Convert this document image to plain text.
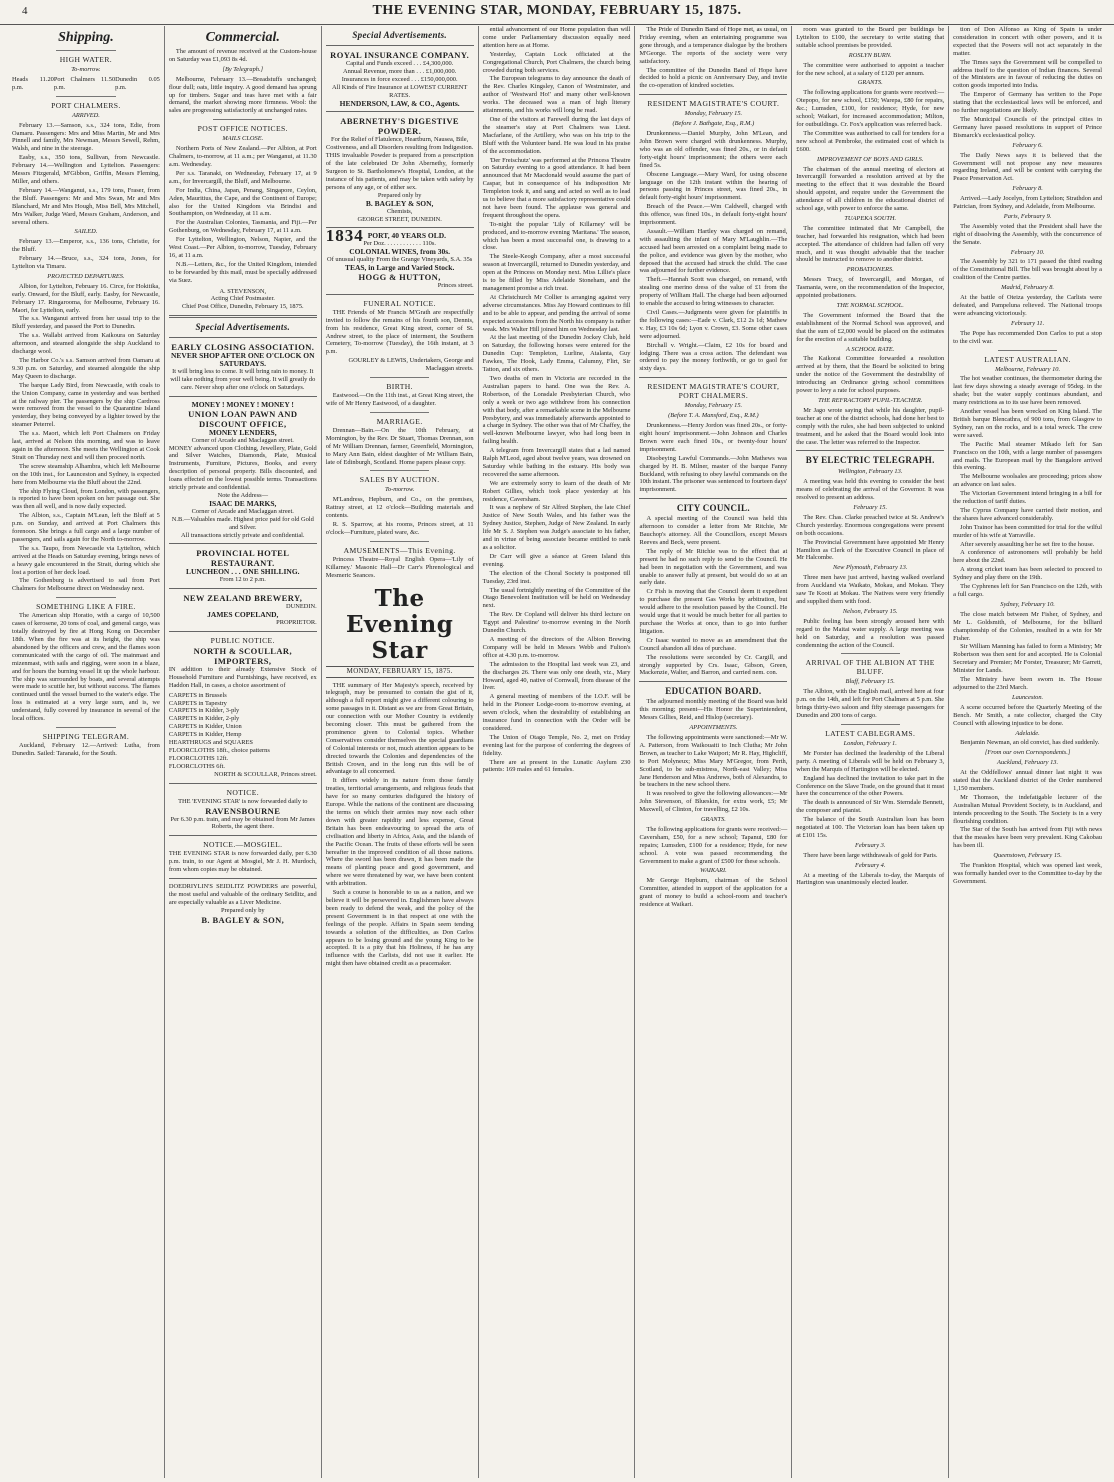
4	THE EVENING STAR, MONDAY, FEBRUARY 15, 1875.
Shipping.
HIGH WATER.
To-morrow.
Heads 11.20 p.m.
Port Chalmers 11.50 p.m.
Dunedin 0.05 p.m.
PORT CHALMERS.
ARRIVED.

February 13.—Samson, s.s., 324 tons, Edie, from Oamaru. Passengers: Mrs and Miss Martin, Mr and Mrs Pinnell and family, Mrs Newman, Messrs Sewell, Rehm, Walsh, and nine in the steerage.

Easby, s.s., 350 tons, Sullivan, from Newcastle. February 14.—Wellington and Lyttelton. Passengers: Messrs Fitzgerald, M'Gibbon, Griffin, Messrs Fleming, Miller, and others.

February 14.—Wanganui, s.s., 179 tons, Fraser, from the Bluff. Passengers: Mr and Mrs Swan, Mr and Mrs Blanchard, Mr and Mrs Hough, Miss Bell, Mrs Mitchell, Mrs Walker, Judge Ward, Messrs Graham, Anderson, and several others.

SAILED.

February 13.—Emperor, s.s., 136 tons, Christie, for the Bluff.

February 14.—Bruce, s.s., 324 tons, Jones, for Lyttelton via Timaru.

PROJECTED DEPARTURES.

Albion, for Lyttelton, February 16. Circe, for Hokitika, early. Onward, for the Bluff, early. Easby, for Newcastle, February 17. Ringarooma, for Melbourne, February 16. Maori, for Lyttelton, early.

The s.s. Wanganui arrived from her usual trip to the Bluff yesterday, and passed the Port to Dunedin.

The s.s. Wallabi arrived from Kaikoura on Saturday afternoon, and steamed alongside the ship Auckland to discharge wool.

The Harbor Co.'s s.s. Samson arrived from Oamaru at 9.30 p.m. on Saturday, and steamed alongside the ship May Queen to discharge.

The barque Lady Bird, from Newcastle, with coals to the Union Company, came in yesterday and was berthed at the railway pier. The passengers by the ship Cardross were removed from the vessel to the Quarantine Island yesterday, they being conveyed by a lighter towed by the steamer Peterrel.

The s.s. Maori, which left Port Chalmers on Friday last, arrived at Nelson this morning, and was to leave again in the afternoon. She meets the Wellington at Cook Strait on Thursday next and will then proceed north.

The screw steamship Alhambra, which left Melbourne on the 10th inst., for Launceston and Sydney, is expected here from Melbourne via the Bluff about the 22nd.

The ship Flying Cloud, from London, with passengers, is reported to have been spoken on her passage out. She was then all well, and is now daily expected.

The Albion, s.s., Captain M'Lean, left the Bluff at 5 p.m. on Sunday, and arrived at Port Chalmers this forenoon. She brings a full cargo and a large number of passengers, and sails again for the North to-morrow.

The s.s. Taupo, from Newcastle via Lyttelton, which arrived at the Heads on Saturday evening, brings news of a heavy gale encountered in the Strait, during which she lost a portion of her deck load.

The Gothenburg is advertised to sail from Port Chalmers for Melbourne direct on Wednesday next.

SOMETHING LIKE A FIRE.

The American ship Horatio, with a cargo of 10,500 cases of kerosene, 20 tons of coal, and general cargo, was totally destroyed by fire at Hong Kong on December 18th. When the fire was at its height, the ship was abandoned by the officers and crew, and the flames soon communicated with the cargo of oil. The mainmast and mizenmast, with sails and rigging, were soon in a blaze, and for hours the burning vessel lit up the whole harbour. The ship was surrounded by boats, and several attempts were made to scuttle her, but without success. The flames continued until the vessel burned to the water's edge. The loss is estimated at a very large sum, and is, we understand, fully covered by insurance in several of the local offices.

SHIPPING TELEGRAM.

Auckland, February 12.—Arrived: Lutha, from Dunedin. Sailed: Taranaki, for the South.

Commercial.

The amount of revenue received at the Custom-house on Saturday was £1,093 8s 4d.

[By Telegraph.]

Melbourne, February 13.—Breadstuffs unchanged; flour dull; oats, little inquiry. A good demand has sprung up for timbers. Sugar and teas have met with a fair demand, the market showing more firmness. Wool: the sales are progressing satisfactorily at unchanged rates.

POST OFFICE NOTICES.
MAILS CLOSE.

Northern Ports of New Zealand.—Per Albion, at Port Chalmers, to-morrow, at 11 a.m.; per Wanganui, at 11.30 a.m. Wednesday.

Per s.s. Taranaki, on Wednesday, February 17, at 9 a.m., for Invercargill, the Bluff, and Melbourne.

For India, China, Japan, Penang, Singapore, Ceylon, Aden, Mauritius, the Cape, and the Continent of Europe; also for the United Kingdom via Brindisi and Southampton, on Wednesday, at 11 a.m.

For the Australian Colonies, Tasmania, and Fiji.—Per Gothenburg, on Wednesday, February 17, at 11 a.m.

For Lyttelton, Wellington, Nelson, Napier, and the West Coast.—Per Albion, to-morrow, Tuesday, February 16, at 11 a.m.

N.B.—Letters, &c., for the United Kingdom, intended to be forwarded by this mail, must be specially addressed via Suez.

A. STEVENSON,
Acting Chief Postmaster.
Chief Post Office, Dunedin, February 15, 1875.
Special Advertisements.
EARLY CLOSING ASSOCIATION.
NEVER SHOP AFTER ONE O'CLOCK ON SATURDAYS.
It will bring less to come. It will bring rain to money. It will take nothing from your well being. It will greatly do care. Never shop after one o'clock on Saturdays.
MONEY ! MONEY ! MONEY !
UNION LOAN PAWN AND DISCOUNT OFFICE,
MONEY LENDERS,
Corner of Arcade and Maclaggan street.
MONEY advanced upon Clothing, Jewellery, Plate, Gold and Silver Watches, Diamonds, Plate, Musical Instruments, Furniture, Pictures, Books, and every description of personal property. Bills discounted, and loans effected on the lowest possible terms. Transactions strictly private and confidential.
Note the Address—
ISAAC DE MARKS,
Corner of Arcade and Maclaggan street.
N.B.—Valuables made. Highest price paid for old Gold and Silver.
All transactions strictly private and confidential.
PROVINCIAL HOTEL RESTAURANT.
LUNCHEON . . . ONE SHILLING.
From 12 to 2 p.m.
NEW ZEALAND BREWERY,
DUNEDIN.
JAMES COPELAND,
PROPRIETOR.
PUBLIC NOTICE.
NORTH & SCOULLAR, IMPORTERS,
IN addition to their already Extensive Stock of Household Furniture and Furnishings, have received, ex Haddon Hall, in cases, a choice assortment of
CARPETS in Brussels
CARPETS in Tapestry
CARPETS in Kidder, 3-ply
CARPETS in Kidder, 2-ply
CARPETS in Kidder, Union
CARPETS in Kidder, Hemp
HEARTHRUGS and SQUARES
FLOORCLOTHS 18ft., choice patterns
FLOORCLOTHS 12ft.
FLOORCLOTHS 6ft.
NORTH & SCOULLAR, Princes street.
NOTICE.
THE 'EVENING STAR' is now forwarded daily to
RAVENSBOURNE
Per 6.30 p.m. train, and may be obtained from Mr James Roberts, the agent there.
NOTICE.—MOSGIEL.
THE EVENING STAR is now forwarded daily, per 6.30 p.m. train, to our Agent at Mosgiel, Mr J. H. Murdoch, from whom copies may be obtained.
DOEDRIYLIN'S SEIDLITZ POWDERS are powerful, the most useful and valuable of the ordinary Seidlitz, and are especially valuable as a Liver Medicine.
Prepared only by
B. BAGLEY & SON,
Special Advertisements.
ROYAL INSURANCE COMPANY.
Capital and Funds exceed . . . £4,300,000.
Annual Revenue, more than . . . £1,000,000.
Insurances in force exceed . . . £150,000,000.
All Kinds of Fire Insurance at LOWEST CURRENT RATES.
HENDERSON, LAW, & CO., Agents.
ABERNETHY'S DIGESTIVE POWDER.
For the Relief of Flatulence, Heartburn, Nausea, Bile, Costiveness, and all Disorders resulting from Indigestion.
THIS invaluable Powder is prepared from a prescription of the late celebrated Dr John Abernethy, formerly Surgeon to St. Bartholomew's Hospital, London, at the instance of his patients, and may be taken with safety by persons of any age, or of either sex.
Prepared only by
B. BAGLEY & SON,
Chemists,
GEORGE STREET, DUNEDIN.
1834 PORT, 40 YEARS OLD.
Per Doz. . . . . . . . . . . . 110s.
COLONIAL WINES, from 30s.
Of unusual quality From the Grange Vineyards, S.A. 35s
TEAS, in Large and Varied Stock.
HOGG & HUTTON,
Princes street.
FUNERAL NOTICE.

THE Friends of Mr Francis M'Grath are respectfully invited to follow the remains of his fourth son, Dennis, from his residence, Great King street, corner of St. Andrew street, to the place of interment, the Southern Cemetery, To-morrow (Tuesday), the 16th instant, at 3 p.m.

GOURLEY & LEWIS, Undertakers, George and Maclaggan streets.

BIRTH.

Eastwood.—On the 11th inst., at Great King street, the wife of Mr Henry Eastwood, of a daughter.

MARRIAGE.

Drennan—Bain.—On the 10th February, at Mornington, by the Rev. Dr Stuart, Thomas Drennan, son of Mr William Drennan, farmer, Greenfield, Mornington, to Mary Ann Bain, eldest daughter of Mr William Bain, late of Edinburgh, Scotland. Home papers please copy.

SALES BY AUCTION.
To-morrow.

M'Landress, Hepburn, and Co., on the premises, Rattray street, at 12 o'clock—Building materials and contents.

R. S. Sparrow, at his rooms, Princes street, at 11 o'clock—Furniture, plated ware, &c.

AMUSEMENTS—This Evening.

Princess Theatre—Royal English Opera—'Lily of Killarney.' Masonic Hall—Dr Carr's Phrenological and Mesmeric Seances.

The Evening Star
MONDAY, FEBRUARY 15, 1875.

THE summary of Her Majesty's speech, received by telegraph, may be presumed to contain the gist of it, although a full report might give a different colouring to some passages in it. Distant as we are from Great Britain, our connection with our Mother Country is evidently becoming closer. This must be gathered from the prominence given to Colonial topics. Whether Conservatives consider themselves the special guardians of Colonial interests or not, much attention appears to be directed towards the Colonies and dependencies of the British Crown, and in the long run this will be of advantage to all concerned.

It differs widely in its nature from those family treaties, territorial arrangements, and religious feuds that have for so many centuries disfigured the history of Europe. While the nations of the continent are discussing the terms on which their armies may now each other down with greater rapidity and less expense, Great Britain has been endeavouring to spread the arts of civilisation and liberty in Africa, Asia, and the islands of the Pacific Ocean. The fruits of these efforts will be seen hereafter in the improved condition of all those nations. Where the sword has been drawn, it has been made the means of planting peace and good government, and where we were threatened by war, we have been content with arbitration.

Such a course is honorable to us as a nation, and we believe it will be persevered in. Englishmen have always been ready to defend the weak, and the policy of the present Government is in that respect at one with the feelings of the people. Affairs in Spain seem tending towards a solution of the difficulties, as Don Carlos appears to be losing ground and the young King to be accepted. It is a pity that his Holiness, if he has any influence with the Carlists, did not use it earlier. He might then have obtained credit as a peacemaker.

ential advancement of our Home population than will come under Parliamentary discussion equally need attention here as at Home.

Yesterday, Captain Lock officiated at the Congregational Church, Port Chalmers, the church being crowded during both services.

The European telegrams to day announce the death of the Rev. Charles Kingsley, Canon of Westminster, and author of 'Westward Ho!' and many other well-known works. The deceased was a man of high literary attainments, and his works will long be read.

One of the visitors at Farewell during the last days of the steamer's stay at Port Chalmers was Lieut. Macfarlane, of the Artillery, who was on his trip to the Bluff with the Volunteer band. He was loud in his praise of the accommodation.

'Der Freischutz' was performed at the Princess Theatre on Saturday evening to a good attendance. It had been announced that Mr Macdonald would assume the part of Caspar, but in consequence of his indisposition Mr Templeton took it, and sang and acted so well as to lead us to believe that a more satisfactory representative could not have been found. The applause was general and frequent throughout the opera.

To-night the popular 'Lily of Killarney' will be produced, and to-morrow evening 'Maritana.' The season, which has been a most successful one, is drawing to a close.

The Steele-Keogh Company, after a most successful season at Invercargill, returned to Dunedin yesterday, and open at the Princess on Monday next. Miss Lillie's place is to be filled by Miss Adelaide Stoneham, and the management promise a rich treat.

At Christchurch Mr Collier is arranging against very adverse circumstances. Miss Jay Howard continues to fill and to be able to appear, and pending the arrival of some expected accessions from the North his company is rather weak. Mrs Walter Hill joined him on Wednesday last.

At the last meeting of the Dunedin Jockey Club, held on Saturday, the following horses were entered for the Dunedin Cup: Templeton, Lurline, Atalanta, Guy Fawkes, The Hook, Lady Emma, Calumny, Flirt, Sir Tatton, and six others.

Two deaths of men in Victoria are recorded in the Australian papers to hand. One was the Rev. A. Robertson, of the Lonsdale Presbyterian Church, who only a week or two ago withdrew from his connection with that body, after a remarkable scene in the Melbourne Presbytery, and was immediately afterwards appointed to a charge in Sydney. The other was that of Mr Chaffey, the well-known Melbourne lawyer, who had long been in failing health.

A telegram from Invercargill states that a lad named Ralph M'Leod, aged about twelve years, was drowned on Saturday while bathing in the estuary. His body was recovered the same afternoon.

We are extremely sorry to learn of the death of Mr Robert Gillies, which took place yesterday at his residence, Caversham.

It was a nephew of Sir Alfred Stephen, the late Chief Justice of New South Wales, and his father was the Sydney Justice, Stephen, Judge of New Zealand. In early life Mr S. J. Stephen was Judge's associate to his father, and in virtue of being associate became entitled to rank as a solicitor.

Dr Carr will give a séance at Green Island this evening.

The election of the Choral Society is postponed till Tuesday, 23rd inst.

The usual fortnightly meeting of the Committee of the Otago Benevolent Institution will be held on Wednesday next.

The Rev. Dr Copland will deliver his third lecture on 'Egypt and Palestine' to-morrow evening in the North Dunedin Church.

A meeting of the directors of the Albion Brewing Company will be held in Messrs Webb and Fulton's office at 4.30 p.m. to-morrow.

The admission to the Hospital last week was 23, and the discharges 26. There was only one death, viz., Mary Howard, aged 40, native of Cornwall, from disease of the liver.

A general meeting of members of the I.O.F. will be held in the Pioneer Lodge-room to-morrow evening, at seven o'clock, when the desirability of establishing an insurance fund in connection with the Order will be considered.

The Union of Otago Temple, No. 2, met on Friday evening last for the purpose of conferring the degrees of fidelity.

There are at present in the Lunatic Asylum 230 patients: 169 males and 61 females.

The Pride of Dunedin Band of Hope met, as usual, on Friday evening, when an entertaining programme was gone through, and a temperance dialogue by the brothers M'George. The reports of the society were very satisfactory.

The committee of the Dunedin Band of Hope have decided to hold a picnic on Anniversary Day, and invite the co-operation of kindred societies.

RESIDENT MAGISTRATE'S COURT.
Monday, February 15.
(Before J. Bathgate, Esq., R.M.)

Drunkenness.—Daniel Murphy, John M'Lean, and John Brown were charged with drunkenness. Murphy, who was an old offender, was fined 20s., or in default forty-eight hours' imprisonment; the others were each fined 5s.

Obscene Language.—Mary Ward, for using obscene language on the 12th instant within the hearing of persons passing in Princes street, was fined 20s., in default forty-eight hours' imprisonment.

Breach of the Peace.—Wm Caldwell, charged with this offence, was fined 10s., in default forty-eight hours' imprisonment.

Assault.—William Hartley was charged on remand, with assaulting the infant of Mary M'Laughlin.—The accused had been arrested on a complaint being made to the police, and evidence was given by the mother, who deposed that the accused had struck the child. The case was adjourned for further evidence.

Theft.—Hannah Scott was charged, on remand, with stealing one merino dress of the value of £1 from the property of William Hall. The charge had been adjourned to enable the accused to bring witnesses to character.

Civil Cases.—Judgments were given for plaintiffs in the following cases:—Eade v. Clark, £12 2s 1d; Mathew v. Hay, £3 10s 6d; Lyon v. Crown, £3. Some other cases were adjourned.

Birchall v. Wright.—Claim, £2 10s for board and lodging. There was a cross action. The defendant was ordered to pay the money forthwith, or go to gaol for sixty days.

RESIDENT MAGISTRATE'S COURT, PORT CHALMERS.
Monday, February 15.
(Before T. A. Mansford, Esq., R.M.)

Drunkenness.—Henry Jordon was fined 20s., or forty-eight hours' imprisonment.—John Johnson and Charles Brown were each fined 10s., or twenty-four hours' imprisonment.

Disobeying Lawful Commands.—John Mathews was charged by H. B. Milner, master of the barque Fanny Buckland, with refusing to obey lawful commands on the 10th instant. The prisoner was sentenced to fourteen days' imprisonment.

CITY COUNCIL.

A special meeting of the Council was held this afternoon to consider a letter from Mr Ritchie, Mr Bauchop's attorney. All the Councillors, except Messrs Reeves and Beck, were present.

The reply of Mr Ritchie was to the effect that at present he had no such reply to send to the Council. He had been in negotiation with the Government, and was unable to answer fully at present, but would do so at an early date.

Cr Fish is moving that the Council deem it expedient to purchase the present Gas Works by arbitration, but would adhere to the resolution passed by the Council. He would urge that it would be much better for all parties to purchase the Works at once, than to go into further litigation.

Cr Isaac wanted to move as an amendment that the Council abandon all idea of purchase.

The resolutions were seconded by Cr. Cargill, and strongly supported by Crs. Isaac, Gibson, Green, Mackenzie, Walter, and Barron, and carried nem. con.

EDUCATION BOARD.

The adjourned monthly meeting of the Board was held this morning; present—His Honor the Superintendent, Messrs Gillies, Reid, and Hislop (secretary).

APPOINTMENTS.

The following appointments were sanctioned:—Mr W. A. Patterson, from Waikouaiti to Inch Clutha; Mr John Brown, as teacher to Lake Waipori; Mr R. Hay, Highcliff, to Port Molyneux; Miss Mary M'Gregor, from Perth, Scotland, to be sub-mistress, North-east Valley; Miss Jane Henderson and Miss Andrews, both of Alexandra, to be teachers in the new school there.

It was resolved to give the following allowances:—Mr John Stevenson, of Blueskin, for extra work, £5; Mr Maxwell, of Clinton, for travelling, £2 10s.

GRANTS.

The following applications for grants were received:—Caversham, £50, for a new school; Tapanui, £80 for repairs; Lumsden, £100 for a residence; Hyde, for new school. A vote was passed recommending the Government to make a grant of £500 for these schools.

WAIKARI.

Mr George Hepburn, chairman of the School Committee, attended in support of the application for a grant of money to build a school-room and teacher's residence at Waikari.

room was granted to the Board per buildings be Lyttelton to £100, the secretary to write stating that suitable school premises be provided.

ROSLYN BURN.

The committee were authorised to appoint a teacher for the new school, at a salary of £120 per annum.

GRANTS.

The following applications for grants were received:—Otepopo, for new school, £150; Warepa, £80 for repairs, &c.; Lumsden, £100, for residence; Hyde, for new school; Waikari, for increased accommodation; Milton, for outbuildings. Cr. Fox's application was referred back.

The Committee was authorised to call for tenders for a new school at Pembroke, the estimated cost of which is £600.

IMPROVEMENT OF BOYS AND GIRLS.

The chairman of the annual meeting of electors at Invercargill forwarded a resolution arrived at by the meeting to the effect that it was desirable the Board should appoint, and require under the Government the attendance of all children in the educational district of school age, with power to enforce the same.

TUAPEKA SOUTH.

The committee intimated that Mr Campbell, the teacher, had forwarded his resignation, which had been accepted. The attendance of children had fallen off very much, and it was thought advisable that the teacher should be instructed to remove to another district.

PROBATIONERS.

Messrs Tracy, of Invercargill, and Morgan, of Tasmania, were, on the recommendation of the Inspector, appointed probationers.

THE NORMAL SCHOOL.

The Government informed the Board that the establishment of the Normal School was approved, and that the sum of £2,000 would be placed on the estimates for the erection of a suitable building.

A SCHOOL RATE.

The Kaikorai Committee forwarded a resolution arrived at by them, that the Board be solicited to bring under the notice of the Government the desirability of introducing an Ordinance giving school committees power to levy a rate for school purposes.

THE REFRACTORY PUPIL-TEACHER.

Mr Jago wrote saying that while his daughter, pupil-teacher at one of the district schools, had done her best to comply with the rules, she had been subjected to unkind treatment, and he asked that the Board would look into the case. The letter was referred to the Inspector.

BY ELECTRIC TELEGRAPH.
Wellington, February 13.

A meeting was held this evening to consider the best means of celebrating the arrival of the Governor. It was resolved to present an address.

February 15.

The Rev. Chas. Clarke preached twice at St. Andrew's Church yesterday. Enormous congregations were present on both occasions.

The Provincial Government have appointed Mr Henry Hamilton as Clerk of the Executive Council in place of Mr Halcombe.

New Plymouth, February 13.

Three men have just arrived, having walked overland from Auckland via Waikato, Mokau, and Mokau. They saw Te Kooti at Mokau. The Natives were very friendly and supplied them with food.

Nelson, February 15.

Public feeling has been strongly aroused here with regard to the Maitai water supply. A large meeting was held on Saturday, and a resolution was passed condemning the action of the Council.

ARRIVAL OF THE ALBION AT THE BLUFF.
Bluff, February 15.

The Albion, with the English mail, arrived here at four p.m. on the 14th, and left for Port Chalmers at 5 p.m. She brings thirty-two saloon and fifty steerage passengers for Dunedin and 200 tons of cargo.

LATEST CABLEGRAMS.
London, February 1.

Mr Forster has declined the leadership of the Liberal party. A meeting of Liberals will be held on February 3, when the Marquis of Hartington will be elected.

England has declined the invitation to take part in the Conference on the Slave Trade, on the ground that it must have the concurrence of the other Powers.

The death is announced of Sir Wm. Sterndale Bennett, the composer and pianist.

The balance of the South Australian loan has been negotiated at 100. The Victorian loan has been taken up at £101 15s.

February 3.

There have been large withdrawals of gold for Paris.

February 4.

At a meeting of the Liberals to-day, the Marquis of Hartington was unanimously elected leader.

tion of Don Alfonso as King of Spain is under consideration in concert with other powers, and it is expected that the Powers will not act separately in the matter.

The Times says the Government will be compelled to address itself to the question of Indian finances. Several of the Ministers are in favour of reducing the duties on cotton goods imported into India.

The Emperor of Germany has written to the Pope stating that the ecclesiastical laws will be enforced, and no further negotiations are likely.

The Municipal Councils of the principal cities in Germany have passed resolutions in support of Prince Bismarck's ecclesiastical policy.

February 6.

The Daily News says it is believed that the Government will not propose any new measures regarding Ireland, and will be content with carrying the Peace Preservation Act.

February 8.

Arrived.—Lady Jocelyn, from Lyttelton; Strathdon and Patrician, from Sydney, and Adelaide, from Melbourne.

Paris, February 9.

The Assembly voted that the President shall have the right of dissolving the Assembly, with the concurrence of the Senate.

February 10.

The Assembly by 321 to 171 passed the third reading of the Constitutional Bill. The bill was brought about by a coalition of the Centre parties.

Madrid, February 8.

At the battle of Oteiza yesterday, the Carlists were defeated, and Pampeluna relieved. The National troops were advancing victoriously.

February 11.

The Pope has recommended Don Carlos to put a stop to the civil war.

LATEST AUSTRALIAN.
Melbourne, February 10.

The hot weather continues, the thermometer during the last few days showing a steady average of 95deg. in the shade; but the water supply continues abundant, and many restrictions as to its use have been removed.

Another vessel has been wrecked on King Island. The British barque Blencathra, of 900 tons, from Glasgow to Sydney, ran on the rocks, and is a total wreck. The crew were saved.

The Pacific Mail steamer Mikado left for San Francisco on the 10th, with a large number of passengers and mails. The European mail by the Bangalore arrived this evening.

The Melbourne woolsales are proceeding; prices show an advance on last sales.

The Victorian Government intend bringing in a bill for the reduction of tariff duties.

The Cyprus Company have carried their motion, and the shares have advanced considerably.

John Trainor has been committed for trial for the wilful murder of his wife at Yarraville.

After severely assaulting her he set fire to the house.

A conference of astronomers will probably be held here about the 22nd.

A strong cricket team has been selected to proceed to Sydney and play there on the 19th.

The Cyphrenes left for San Francisco on the 12th, with a full cargo.

Sydney, February 10.

The close match between Mr Fisher, of Sydney, and Mr L. Goldsmith, of Melbourne, for the billiard championship of the Colonies, resulted in a win for Mr Fisher.

Sir William Manning has failed to form a Ministry; Mr Robertson was then sent for and accepted. He is Colonial Secretary and Premier; Mr Forster, Treasurer; Mr Garrett, Minister for Lands.

The Ministry have been sworn in. The House adjourned to the 23rd March.

Launceston.

A scene occurred before the Quarterly Meeting of the Bench. Mr Smith, a rate collector, charged the City Council with allowing injustice to be done.

Adelaide.

Benjamin Newman, an old convict, has died suddenly.

[From our own Correspondents.]
Auckland, February 13.

At the Oddfellows' annual dinner last night it was stated that the Auckland district of the Order numbered 1,150 members.

Mr Thomson, the indefatigable lecturer of the Australian Mutual Provident Society, is in Auckland, and intends proceeding to the South. The Society is in a very flourishing condition.

The Star of the South has arrived from Fiji with news that the measles have been very prevalent. King Cakobau has been ill.

Queenstown, February 15.

The Frankton Hospital, which was opened last week, was formally handed over to the Committee to-day by the Government.
